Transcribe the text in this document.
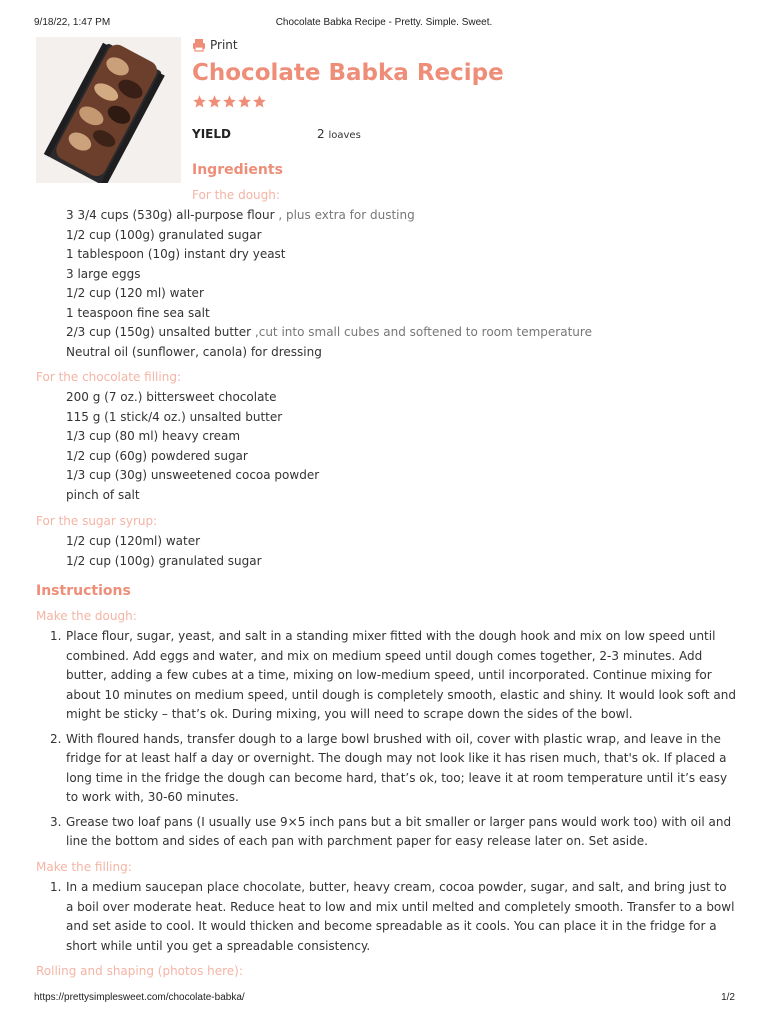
9/18/22, 1:47 PM	Chocolate Babka Recipe - Pretty. Simple. Sweet.
Print
Chocolate Babka Recipe
YIELD	2 loaves
Ingredients
For the dough:
3 3/4 cups (530g) all-purpose flour , plus extra for dusting
1/2 cup (100g) granulated sugar
1 tablespoon (10g) instant dry yeast
3 large eggs
1/2 cup (120 ml) water
1 teaspoon fine sea salt
2/3 cup (150g) unsalted butter ,cut into small cubes and softened to room temperature
Neutral oil (sunflower, canola) for dressing
For the chocolate filling:
200 g (7 oz.) bittersweet chocolate
115 g (1 stick/4 oz.) unsalted butter
1/3 cup (80 ml) heavy cream
1/2 cup (60g) powdered sugar
1/3 cup (30g) unsweetened cocoa powder
pinch of salt
For the sugar syrup:
1/2 cup (120ml) water
1/2 cup (100g) granulated sugar
Instructions
Make the dough:
1. Place flour, sugar, yeast, and salt in a standing mixer fitted with the dough hook and mix on low speed until combined. Add eggs and water, and mix on medium speed until dough comes together, 2-3 minutes. Add butter, adding a few cubes at a time, mixing on low-medium speed, until incorporated. Continue mixing for about 10 minutes on medium speed, until dough is completely smooth, elastic and shiny. It would look soft and might be sticky – that’s ok. During mixing, you will need to scrape down the sides of the bowl.
2. With floured hands, transfer dough to a large bowl brushed with oil, cover with plastic wrap, and leave in the fridge for at least half a day or overnight. The dough may not look like it has risen much, that's ok. If placed a long time in the fridge the dough can become hard, that’s ok, too; leave it at room temperature until it’s easy to work with, 30-60 minutes.
3. Grease two loaf pans (I usually use 9×5 inch pans but a bit smaller or larger pans would work too) with oil and line the bottom and sides of each pan with parchment paper for easy release later on. Set aside.
Make the filling:
1. In a medium saucepan place chocolate, butter, heavy cream, cocoa powder, sugar, and salt, and bring just to a boil over moderate heat. Reduce heat to low and mix until melted and completely smooth. Transfer to a bowl and set aside to cool. It would thicken and become spreadable as it cools. You can place it in the fridge for a short while until you get a spreadable consistency.
Rolling and shaping (photos here):
https://prettysimplesweet.com/chocolate-babka/	1/2
